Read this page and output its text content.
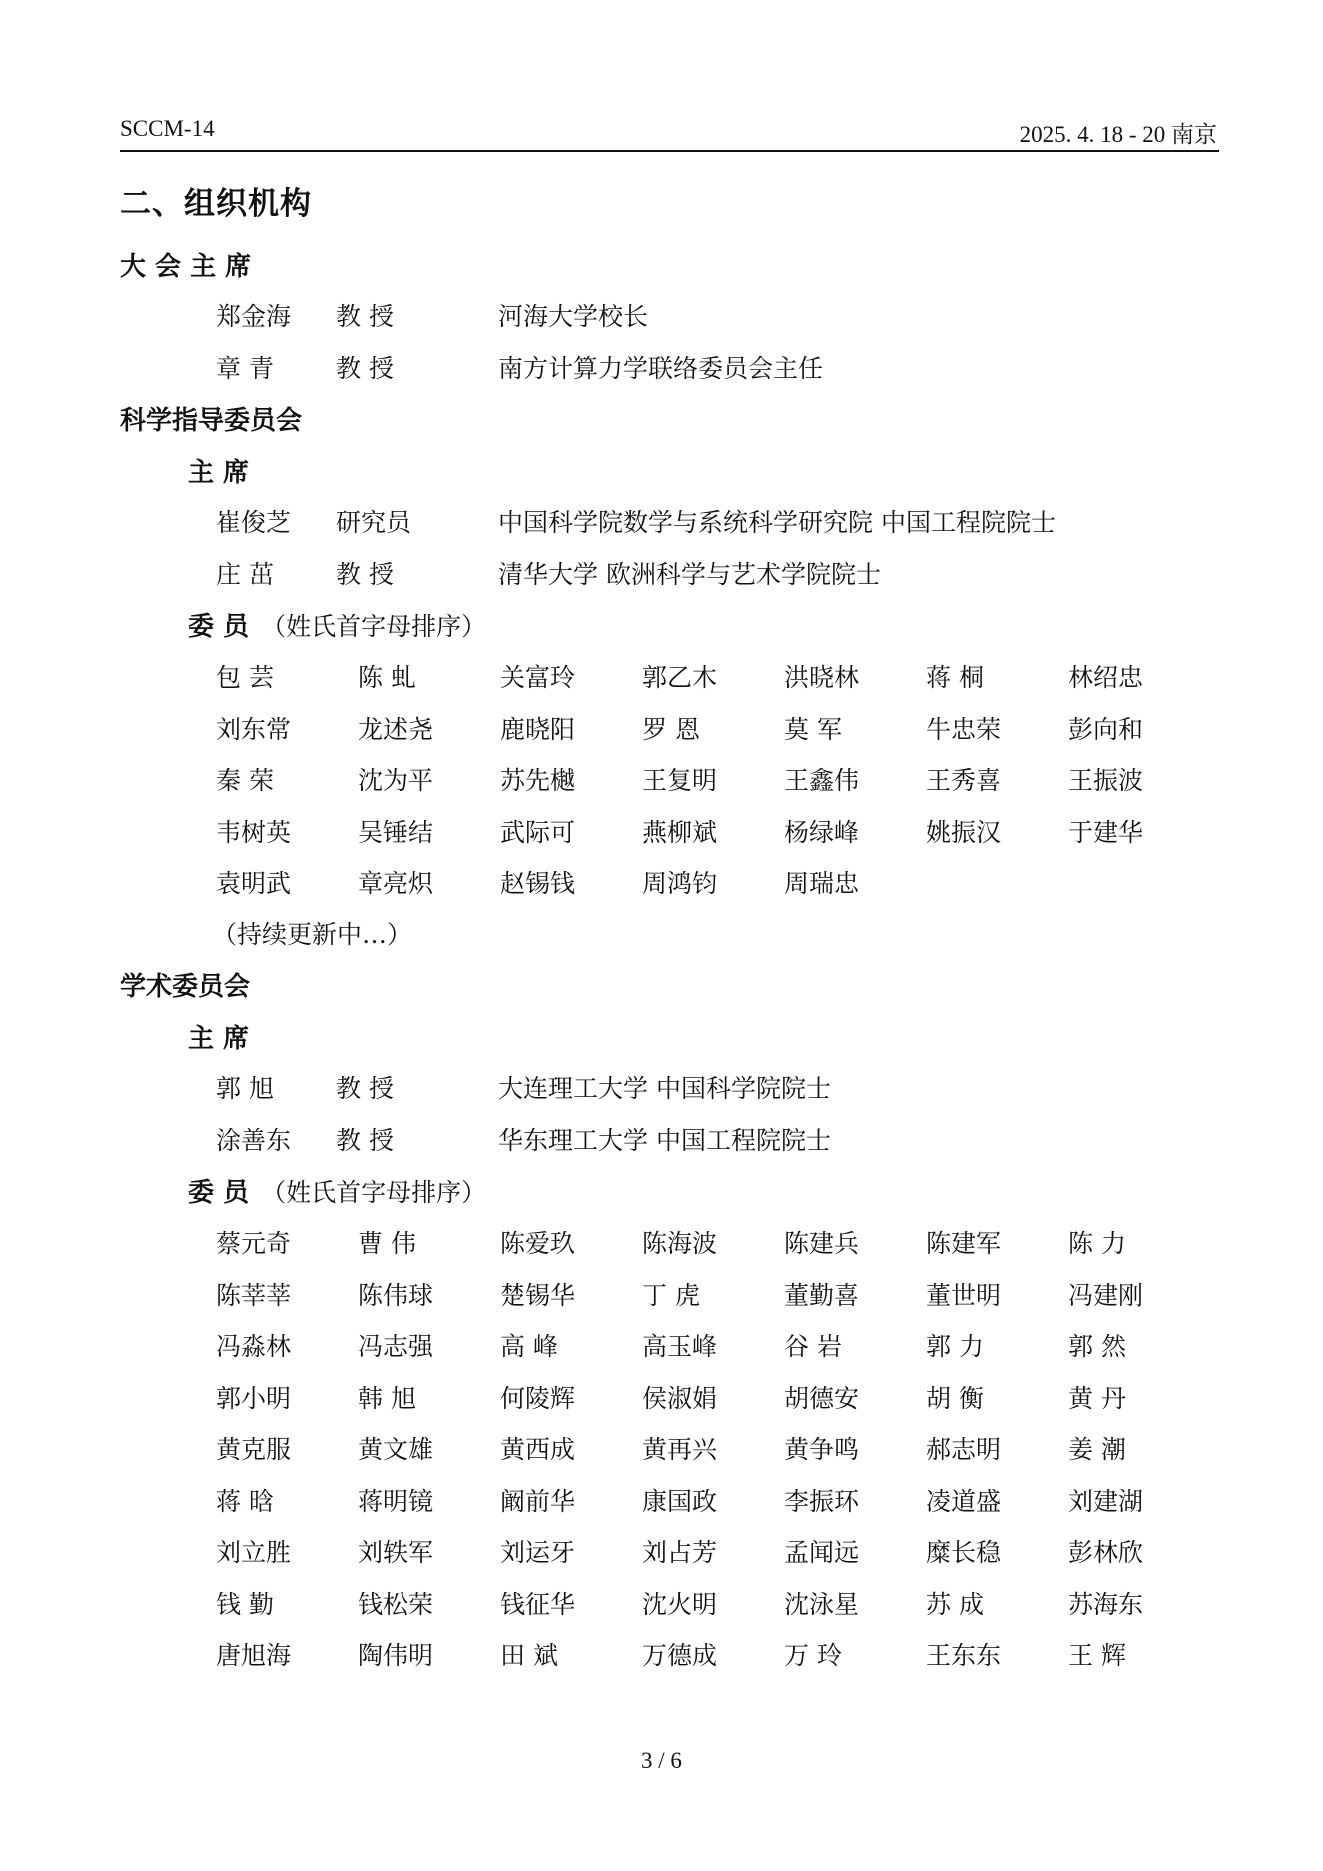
SCCM-14	2025. 4. 18 - 20 南京
二、组织机构
大 会 主 席
郑金海	教 授	河海大学校长
章 青	教 授	南方计算力学联络委员会主任
科学指导委员会
主 席
崔俊芝	研究员	中国科学院数学与系统科学研究院 中国工程院院士
庄 茁	教 授	清华大学 欧洲科学与艺术学院院士
委 员 （姓氏首字母排序）
包 芸	陈 虬	关富玲	郭乙木	洪晓林	蒋 桐	林绍忠
刘东常	龙述尧	鹿晓阳	罗 恩	莫 军	牛忠荣	彭向和
秦 荣	沈为平	苏先樾	王复明	王鑫伟	王秀喜	王振波
韦树英	吴锤结	武际可	燕柳斌	杨绿峰	姚振汉	于建华
袁明武	章亮炽	赵锡钱	周鸿钧	周瑞忠
（持续更新中…）
学术委员会
主 席
郭 旭	教 授	大连理工大学 中国科学院院士
涂善东	教 授	华东理工大学 中国工程院院士
委 员 （姓氏首字母排序）
蔡元奇	曹 伟	陈爱玖	陈海波	陈建兵	陈建军	陈 力
陈莘莘	陈伟球	楚锡华	丁 虎	董勤喜	董世明	冯建刚
冯淼林	冯志强	高 峰	高玉峰	谷 岩	郭 力	郭 然
郭小明	韩 旭	何陵辉	侯淑娟	胡德安	胡 衡	黄 丹
黄克服	黄文雄	黄西成	黄再兴	黄争鸣	郝志明	姜 潮
蒋 晗	蒋明镜	阚前华	康国政	李振环	凌道盛	刘建湖
刘立胜	刘轶军	刘运牙	刘占芳	孟闻远	糜长稳	彭林欣
钱 勤	钱松荣	钱征华	沈火明	沈泳星	苏 成	苏海东
唐旭海	陶伟明	田 斌	万德成	万 玲	王东东	王 辉
3 / 6
